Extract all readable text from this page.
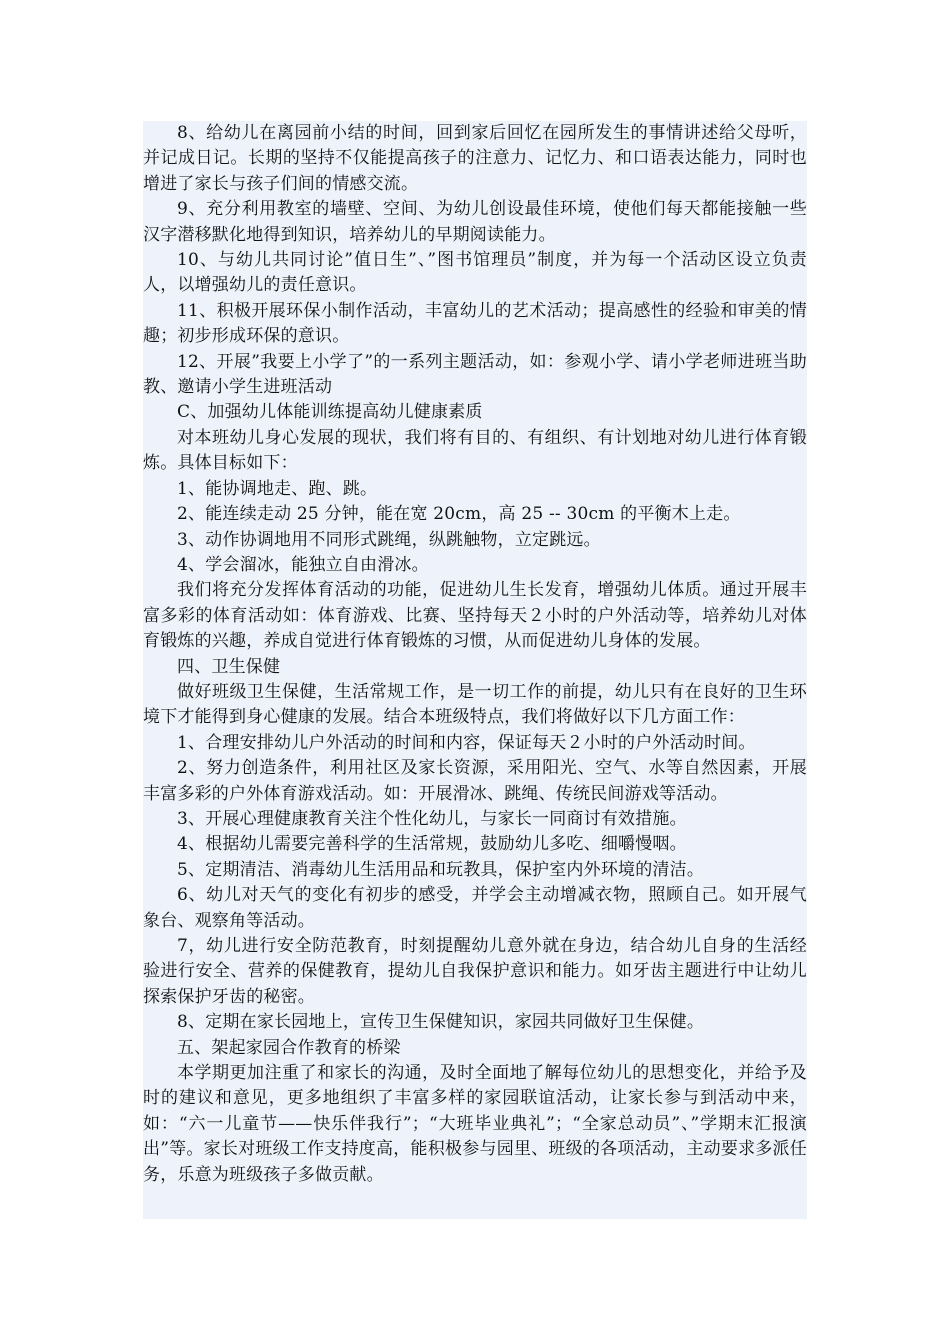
8、给幼儿在离园前小结的时间，回到家后回忆在园所发生的事情讲述给父母听，并记成日记。长期的坚持不仅能提高孩子的注意力、记忆力、和口语表达能力，同时也增进了家长与孩子们间的情感交流。

9、充分利用教室的墙壁、空间、为幼儿创设最佳环境，使他们每天都能接触一些汉字潜移默化地得到知识，培养幼儿的早期阅读能力。

10、与幼儿共同讨论”值日生”、”图书馆理员”制度，并为每一个活动区设立负责人，以增强幼儿的责任意识。

11、积极开展环保小制作活动，丰富幼儿的艺术活动；提高感性的经验和审美的情趣；初步形成环保的意识。

12、开展”我要上小学了”的一系列主题活动，如：参观小学、请小学老师进班当助教、邀请小学生进班活动

C、加强幼儿体能训练提高幼儿健康素质

对本班幼儿身心发展的现状，我们将有目的、有组织、有计划地对幼儿进行体育锻炼。具体目标如下：

1、能协调地走、跑、跳。

2、能连续走动 25 分钟，能在宽 20cm，高 25 -- 30cm 的平衡木上走。

3、动作协调地用不同形式跳绳，纵跳触物，立定跳远。

4、学会溜冰，能独立自由滑冰。

我们将充分发挥体育活动的功能，促进幼儿生长发育，增强幼儿体质。通过开展丰富多彩的体育活动如：体育游戏、比赛、坚持每天２小时的户外活动等，培养幼儿对体育锻炼的兴趣，养成自觉进行体育锻炼的习惯，从而促进幼儿身体的发展。

四、卫生保健

做好班级卫生保健，生活常规工作，是一切工作的前提，幼儿只有在良好的卫生环境下才能得到身心健康的发展。结合本班级特点，我们将做好以下几方面工作：

1、合理安排幼儿户外活动的时间和内容，保证每天２小时的户外活动时间。

2、努力创造条件，利用社区及家长资源，采用阳光、空气、水等自然因素，开展丰富多彩的户外体育游戏活动。如：开展滑冰、跳绳、传统民间游戏等活动。

3、开展心理健康教育关注个性化幼儿，与家长一同商讨有效措施。

4、根据幼儿需要完善科学的生活常规，鼓励幼儿多吃、细嚼慢咽。

5、定期清洁、消毒幼儿生活用品和玩教具，保护室内外环境的清洁。

6、幼儿对天气的变化有初步的感受，并学会主动增减衣物，照顾自己。如开展气象台、观察角等活动。

7，幼儿进行安全防范教育，时刻提醒幼儿意外就在身边，结合幼儿自身的生活经验进行安全、营养的保健教育，提幼儿自我保护意识和能力。如牙齿主题进行中让幼儿探索保护牙齿的秘密。

8、定期在家长园地上，宣传卫生保健知识，家园共同做好卫生保健。

五、架起家园合作教育的桥梁

本学期更加注重了和家长的沟通，及时全面地了解每位幼儿的思想变化，并给予及时的建议和意见，更多地组织了丰富多样的家园联谊活动，让家长参与到活动中来，如：“六一儿童节——快乐伴我行”；“大班毕业典礼”；“全家总动员”、”学期末汇报演出”等。家长对班级工作支持度高，能积极参与园里、班级的各项活动，主动要求多派任务，乐意为班级孩子多做贡献。
